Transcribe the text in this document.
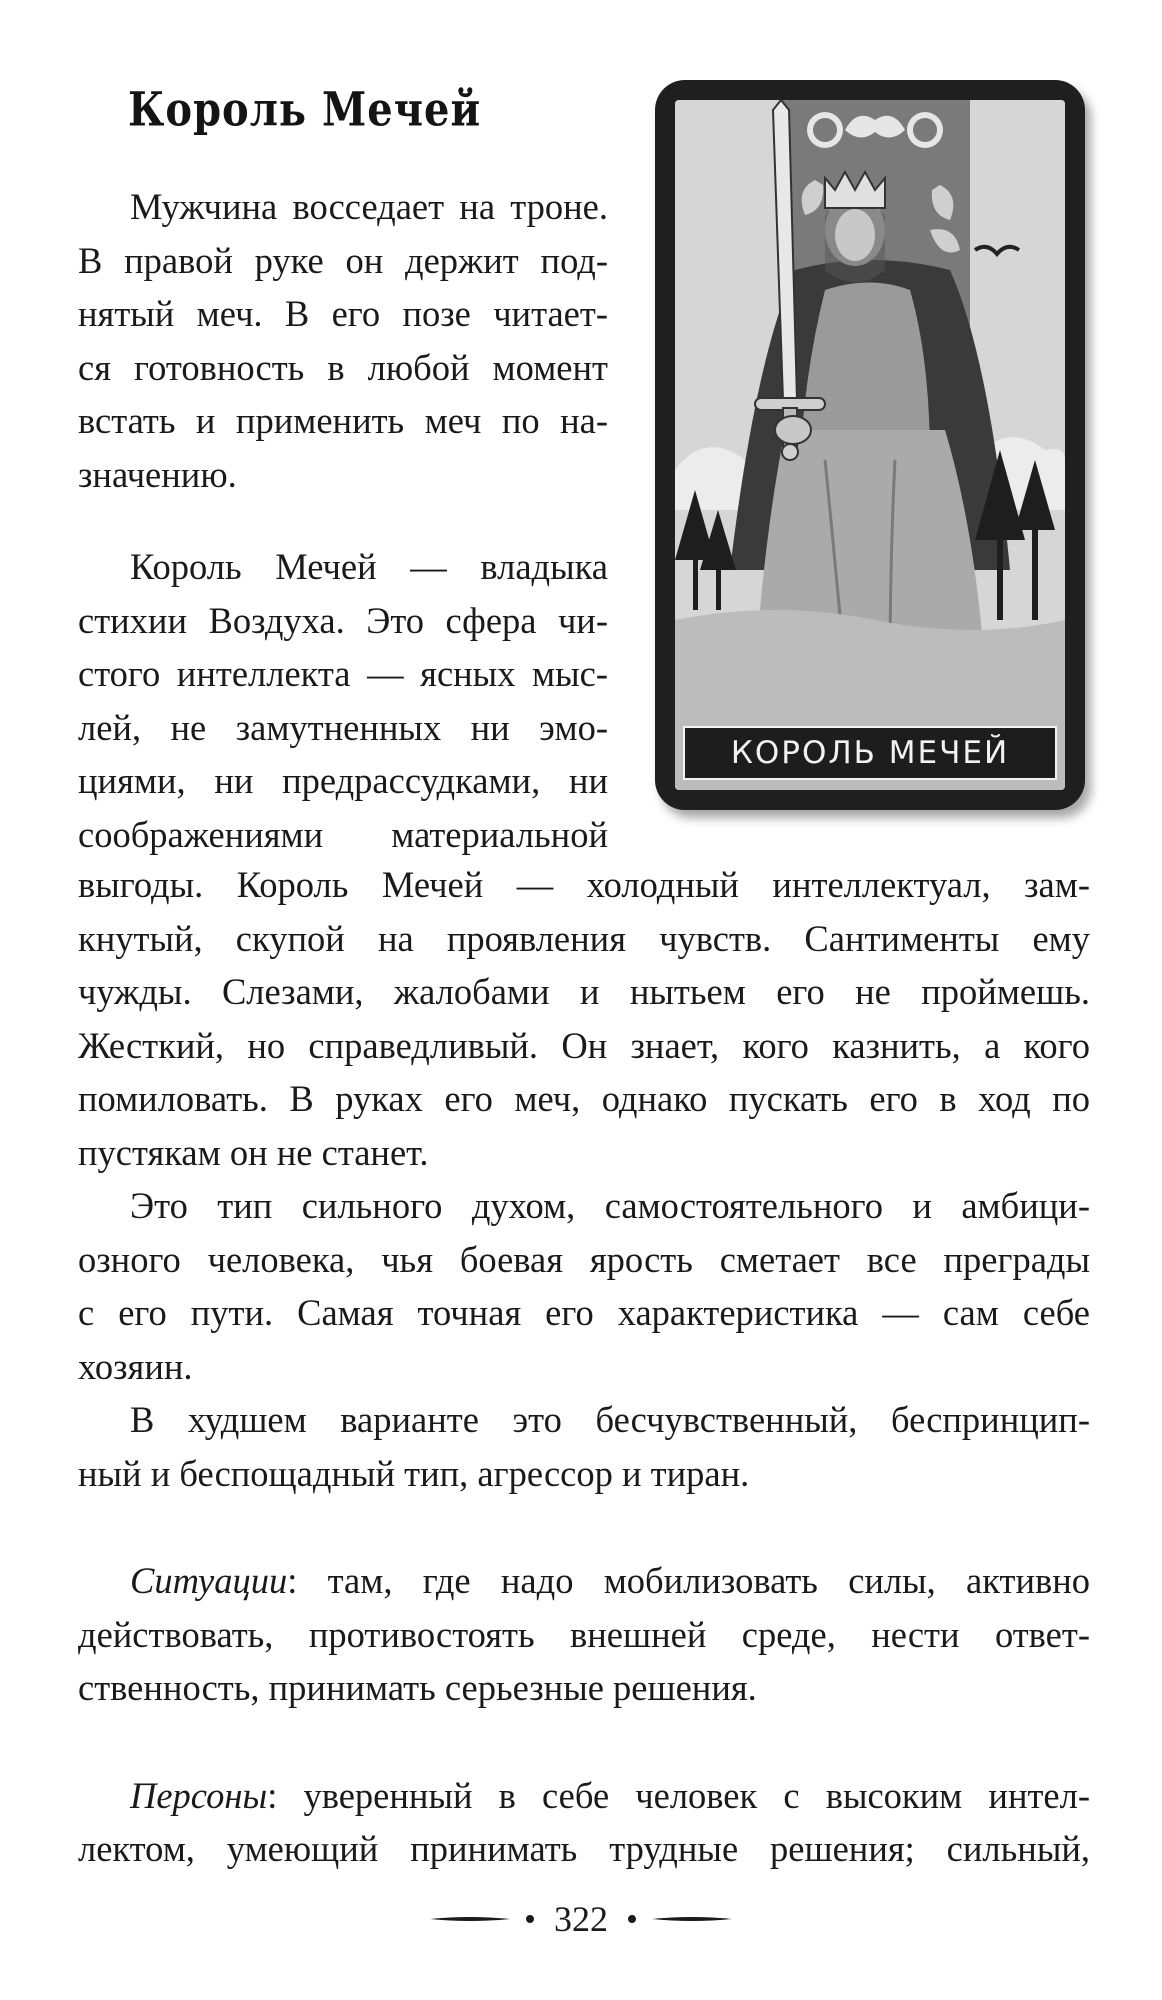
Король Мечей
Мужчина восседает на троне.
В правой руке он держит под-
нятый меч. В его позе читает-
ся готовность в любой момент
встать и применить меч по на-
значению.
Король Мечей — владыка
стихии Воздуха. Это сфера чи-
стого интеллекта — ясных мыс-
лей, не замутненных ни эмо-
циями, ни предрассудками, ни
соображениями материальной
выгоды. Король Мечей — холодный интеллектуал, зам-
кнутый, скупой на проявления чувств. Сантименты ему
чужды. Слезами, жалобами и нытьем его не проймешь.
Жесткий, но справедливый. Он знает, кого казнить, а кого
помиловать. В руках его меч, однако пускать его в ход по
пустякам он не станет.
Это тип сильного духом, самостоятельного и амбици-
озного человека, чья боевая ярость сметает все преграды
с его пути. Самая точная его характеристика — сам себе
хозяин.
В худшем варианте это бесчувственный, беспринцип-
ный и беспощадный тип, агрессор и тиран.
Ситуации: там, где надо мобилизовать силы, активно
действовать, противостоять внешней среде, нести ответ-
ственность, принимать серьезные решения.
Персоны: уверенный в себе человек с высоким интел-
лектом, умеющий принимать трудные решения; сильный,
КОРОЛЬ МЕЧЕЙ
322
